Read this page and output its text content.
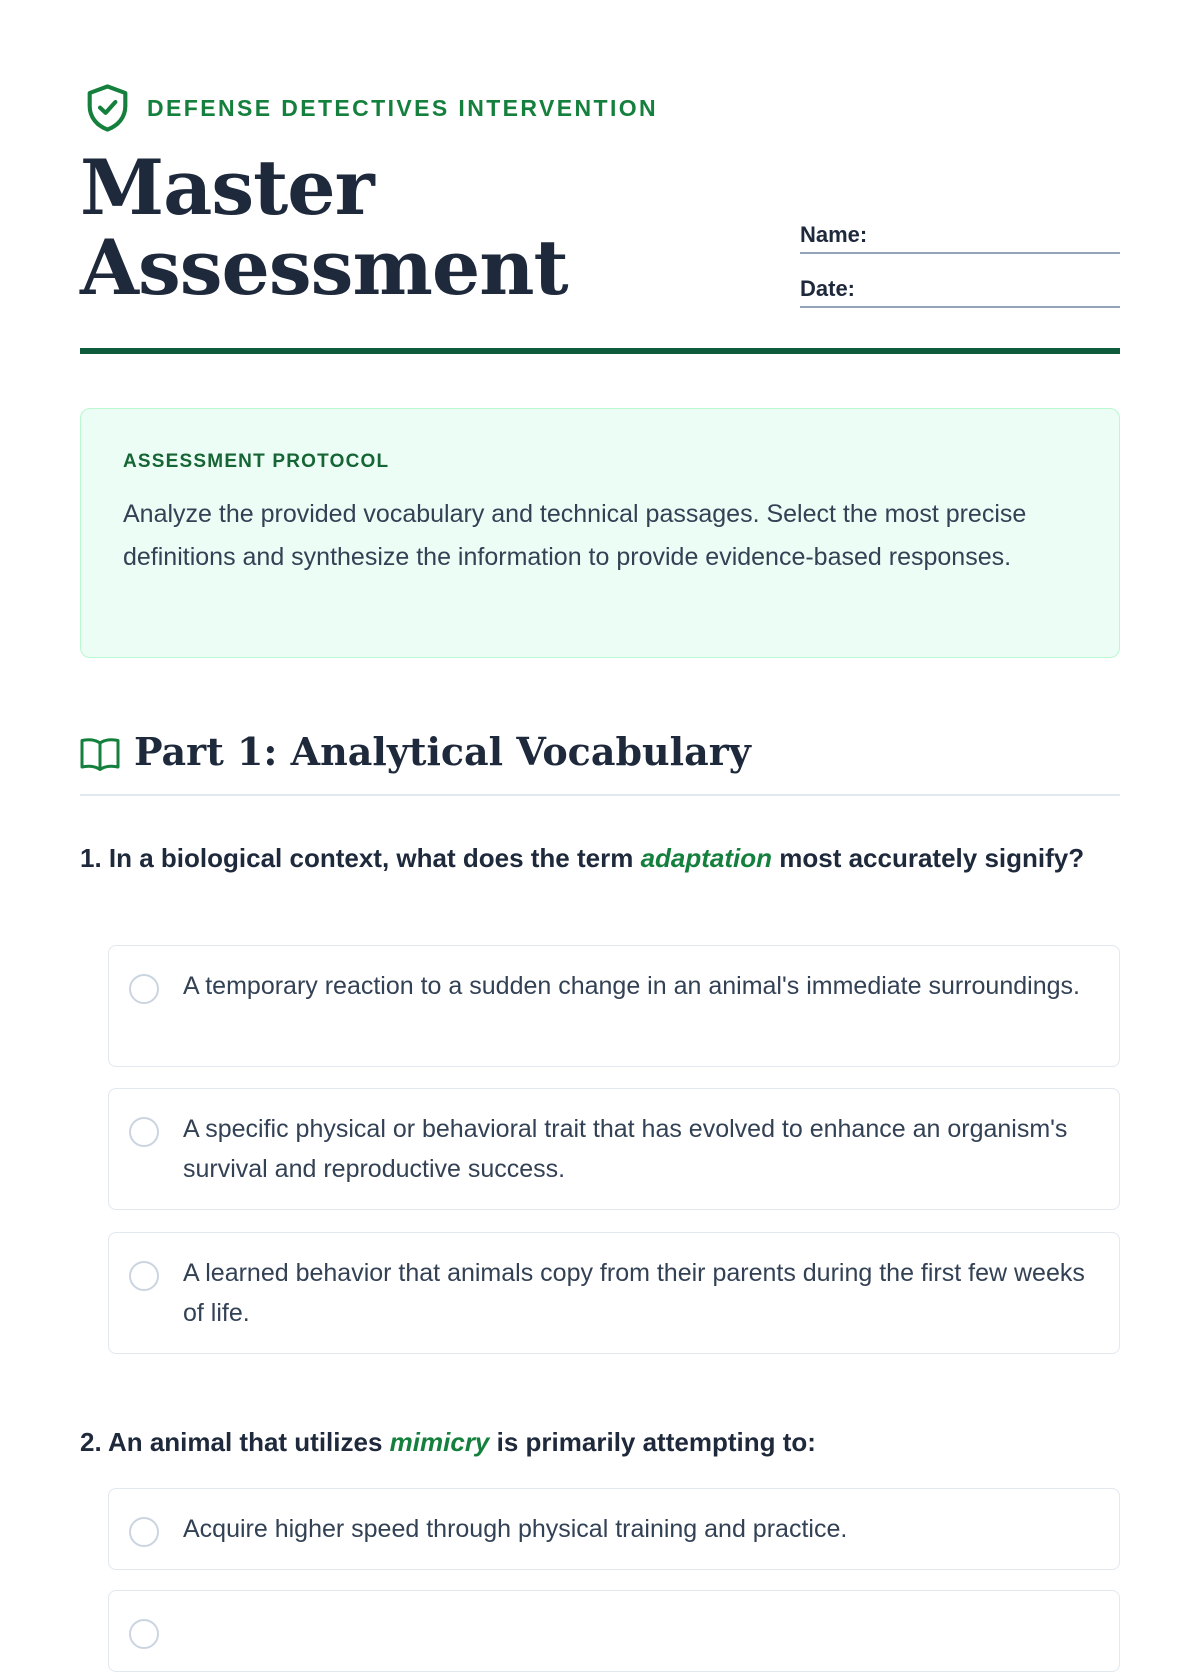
DEFENSE DETECTIVES INTERVENTION
Master
Assessment	Name:
Date:
ASSESSMENT PROTOCOL

Analyze the provided vocabulary and technical passages. Select the most precise definitions and synthesize the information to provide evidence-based responses.

Part 1: Analytical Vocabulary

1. In a biological context, what does the term adaptation most accurately signify?

A temporary reaction to a sudden change in an animal's immediate surroundings.

A specific physical or behavioral trait that has evolved to enhance an organism's survival and reproductive success.

A learned behavior that animals copy from their parents during the first few weeks of life.

2. An animal that utilizes mimicry is primarily attempting to:

Acquire higher speed through physical training and practice.
